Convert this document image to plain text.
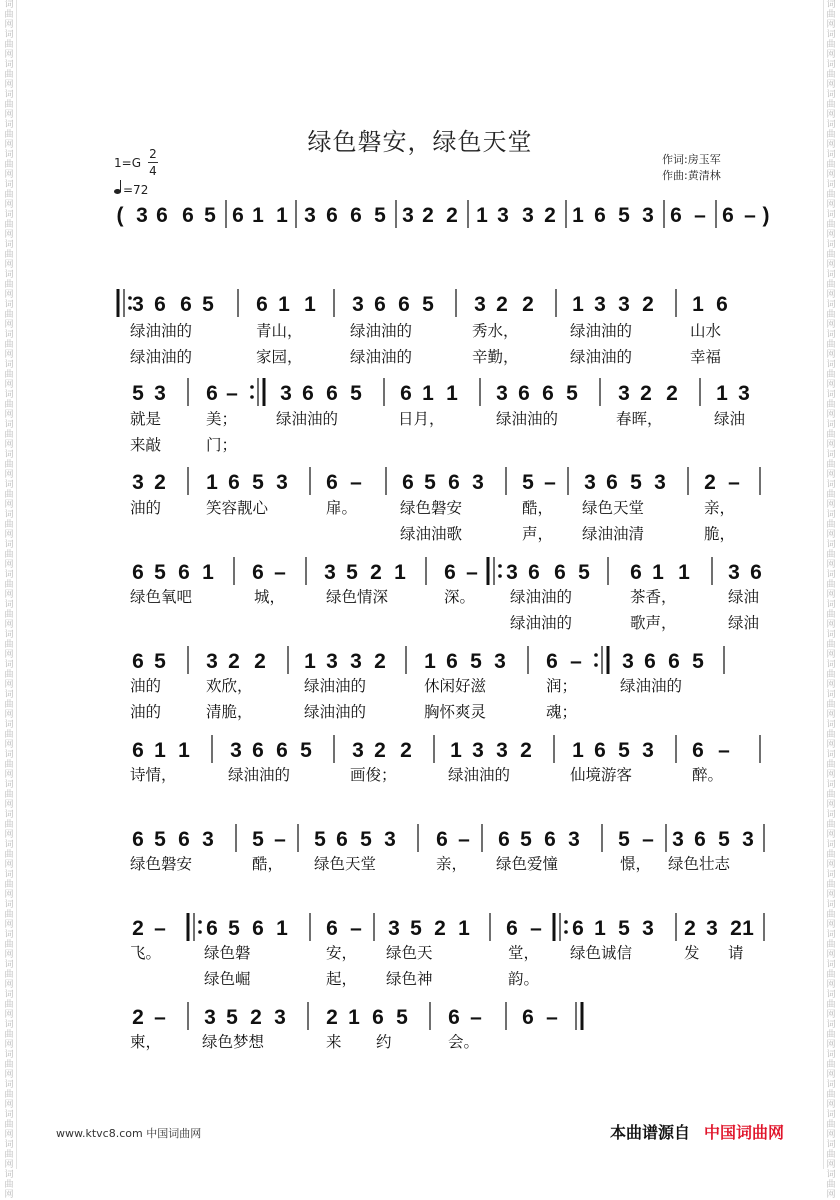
词曲网词曲网词曲网词曲网词曲网词曲网词曲网词曲网词曲网词曲网词曲网词曲网词曲网词曲网词曲网词曲网词曲网词曲网词曲网词曲网词曲网词曲网词曲网词曲网词曲网词曲网词曲网词曲网词曲网词曲网词曲网词曲网词曲网词曲网词曲网词曲网词曲网词曲网词曲网词曲网
词曲网词曲网词曲网词曲网词曲网词曲网词曲网词曲网词曲网词曲网词曲网词曲网词曲网词曲网词曲网词曲网词曲网词曲网词曲网词曲网词曲网词曲网词曲网词曲网词曲网词曲网词曲网词曲网词曲网词曲网词曲网词曲网词曲网词曲网词曲网词曲网词曲网词曲网词曲网词曲网
绿色磐安，绿色天堂
1=G
2
4
=72
作词:房玉军
作曲:黄清林
( 3 6 6 5 6 1 1 3 6 6 5 3 2 2 1 3 3 2 1 6 5 3 6 – 6 – )
3 6 6 5 6 1 1 3 6 6 5 3 2 2 1 3 3 2 1 6
绿油油的	青山，	绿油油的	秀水，	绿油油的	山水
绿油油的	家园，	绿油油的	辛勤，	绿油油的	幸福
5 3 6 – 3 6 6 5 6 1 1 3 6 6 5 3 2 2 1 3
就是	美；	绿油油的	日月，	绿油油的	春晖，	绿油
来敲	门；
3 2 1 6 5 3 6 – 6 5 6 3 5 – 3 6 5 3 2 –
油的	笑容靓心	扉。	绿色磐安	酷， 绿色天堂	亲，
绿油油歌	声， 绿油油清	脆，
6 5 6 1 6 – 3 5 2 1 6 – 3 6 6 5 6 1 1 3 6
绿色氧吧	城，	绿色情深	深。 绿油油的	茶香，	绿油
绿油油的	歌声，	绿油
6 5 3 2 2 1 3 3 2 1 6 5 3 6 – 3 6 6 5
油的	欢欣，	绿油油的	休闲好滋	润；	绿油油的
油的	清脆，	绿油油的	胸怀爽灵	魂；
6 1 1 3 6 6 5 3 2 2 1 3 3 2 1 6 5 3 6 –
诗情，	绿油油的	画俊；	绿油油的	仙境游客	醉。
6 5 6 3 5 – 5 6 5 3 6 – 6 5 6 3 5 – 3 6 5 3
绿色磐安	酷， 绿色天堂	亲， 绿色爱憧	憬， 绿色壮志
2 – 6 5 6 1 6 – 3 5 2 1 6 – 6 1 5 3 2 3 2 1
飞。	绿色磐	安， 绿色天	堂， 绿色诚信	发 请
绿色崛	起， 绿色神	韵。
2 – 3 5 2 3 2 1 6 5 6 – 6 –
柬，	绿色梦想	来 约	会。
www.ktvc8.com 中国词曲网	本曲谱源自 中国词曲网
